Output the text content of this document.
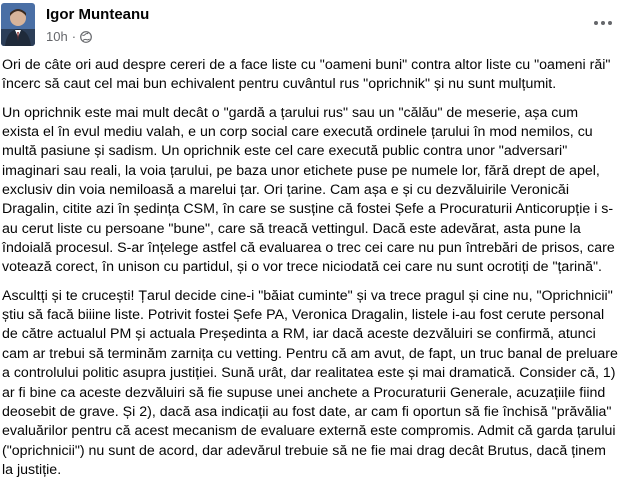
Igor Munteanu
10h ·

Ori de câte ori aud despre cereri de a face liste cu "oameni buni" contra altor liste cu "oameni răi" încerc să caut cel mai bun echivalent pentru cuvântul rus "oprichnik" și nu sunt mulțumit.

Un oprichnik este mai mult decât o "gardă a țarului rus" sau un "călău" de meserie, așa cum exista el în evul mediu valah, e un corp social care execută ordinele țarului în mod nemilos, cu multă pasiune și sadism. Un oprichnik este cel care execută public contra unor "adversari" imaginari sau reali, la voia țarului, pe baza unor etichete puse pe numele lor, fără drept de apel, exclusiv din voia nemiloasă a marelui țar. Ori țarine. Cam așa e și cu dezvăluirile Veronicăi Dragalin, citite azi în ședința CSM, în care se susține că fostei Șefe a Procuraturii Anticorupție i s-au cerut liste cu persoane "bune", care să treacă vettingul. Dacă este adevărat, asta pune la îndoială procesul. S-ar înțelege astfel că evaluarea o trec cei care nu pun întrebări de prisos, care votează corect, în unison cu partidul, și o vor trece niciodată cei care nu sunt ocrotiți de "țarină".

Ascultți și te crucești! Țarul decide cine-i "băiat cuminte" și va trece pragul și cine nu, "Oprichnicii" știu să facă biiine liste. Potrivit fostei Șefe PA, Veronica Dragalin, listele i-au fost cerute personal de către actualul PM și actuala Președinta a RM, iar dacă aceste dezvăluiri se confirmă, atunci cam ar trebui să terminăm zarnița cu vetting. Pentru că am avut, de fapt, un truc banal de preluare a controlului politic asupra justiției. Sună urât, dar realitatea este și mai dramatică. Consider că, 1) ar fi bine ca aceste dezvăluiri să fie supuse unei anchete a Procuraturii Generale, acuzațiile fiind deosebit de grave. Și 2), dacă asa indicații au fost date, ar cam fi oportun să fie închisă "prăvălia" evaluărilor pentru că acest mecanism de evaluare externă este compromis. Admit că garda țarului ("oprichnicii") nu sunt de acord, dar adevărul trebuie să ne fie mai drag decât Brutus, dacă ținem la justiție.
